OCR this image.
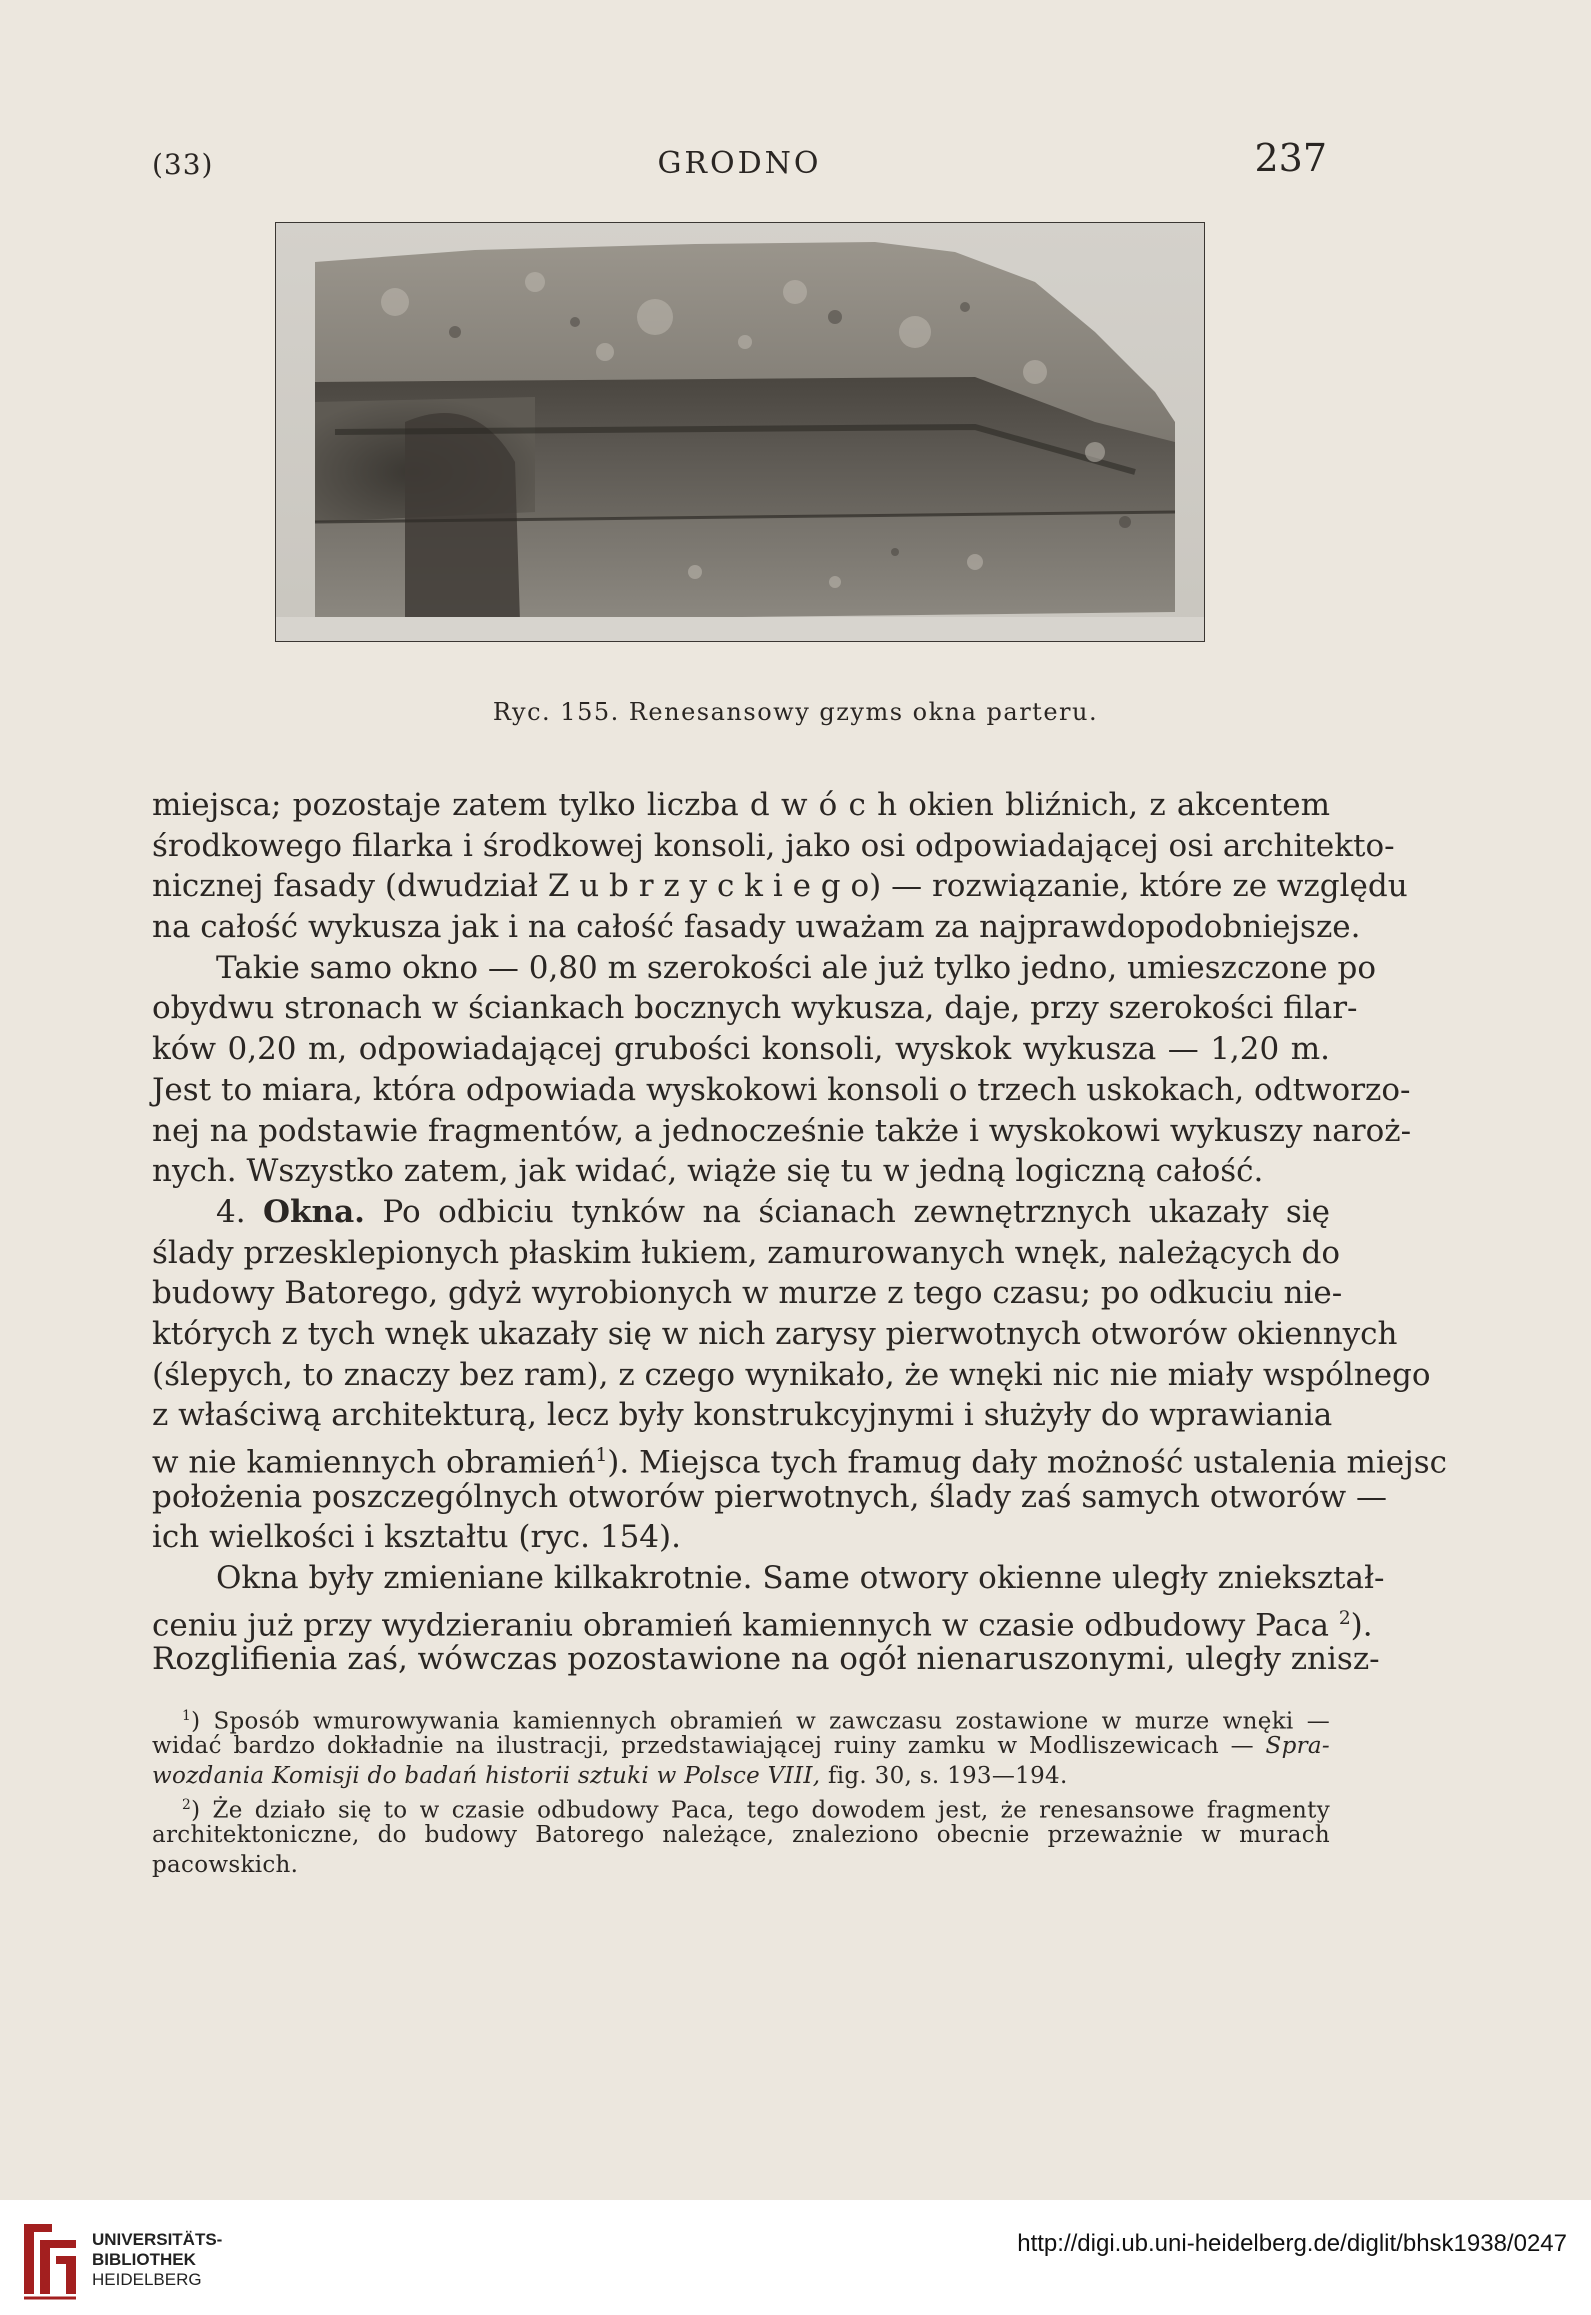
(33)	GRODNO	237
Ryc. 155. Renesansowy gzyms okna parteru.
miejsca; pozostaje zatem tylko liczba d w ó c h okien bliźnich, z akcentem
środkowego filarka i środkowej konsoli, jako osi odpowiadającej osi architekto-
nicznej fasady (dwudział Z u b r z y c k i e g o) — rozwiązanie, które ze względu
na całość wykusza jak i na całość fasady uważam za najprawdopodobniejsze.
Takie samo okno — 0,80 m szerokości ale już tylko jedno, umieszczone po
obydwu stronach w ściankach bocznych wykusza, daje, przy szerokości filar-
ków 0,20 m, odpowiadającej grubości konsoli, wyskok wykusza — 1,20 m.
Jest to miara, która odpowiada wyskokowi konsoli o trzech uskokach, odtworzo-
nej na podstawie fragmentów, a jednocześnie także i wyskokowi wykuszy naroż-
nych. Wszystko zatem, jak widać, wiąże się tu w jedną logiczną całość.
4. Okna. Po odbiciu tynków na ścianach zewnętrznych ukazały się
ślady przesklepionych płaskim łukiem, zamurowanych wnęk, należących do
budowy Batorego, gdyż wyrobionych w murze z tego czasu; po odkuciu nie-
których z tych wnęk ukazały się w nich zarysy pierwotnych otworów okiennych
(ślepych, to znaczy bez ram), z czego wynikało, że wnęki nic nie miały wspólnego
z właściwą architekturą, lecz były konstrukcyjnymi i służyły do wprawiania
w nie kamiennych obramień$^1$). Miejsca tych framug dały możność ustalenia miejsc
położenia poszczególnych otworów pierwotnych, ślady zaś samych otworów —
ich wielkości i kształtu (ryc. 154).
Okna były zmieniane kilkakrotnie. Same otwory okienne uległy zniekształ-
ceniu już przy wydzieraniu obramień kamiennych w czasie odbudowy Paca $^2$).
Rozglifienia zaś, wówczas pozostawione na ogół nienaruszonymi, uległy znisz-
$^1$) Sposób wmurowywania kamiennych obramień w zawczasu zostawione w murze wnęki —
widać bardzo dokładnie na ilustracji, przedstawiającej ruiny zamku w Modliszewicach — Spra-
wozdania Komisji do badań historii sztuki w Polsce VIII, fig. 30, s. 193—194.
$^2$) Że działo się to w czasie odbudowy Paca, tego dowodem jest, że renesansowe fragmenty
architektoniczne, do budowy Batorego należące, znaleziono obecnie przeważnie w murach
pacowskich.
UNIVERSITÄTS-
BIBLIOTHEK
HEIDELBERG
http://digi.ub.uni-heidelberg.de/diglit/bhsk1938/0247
